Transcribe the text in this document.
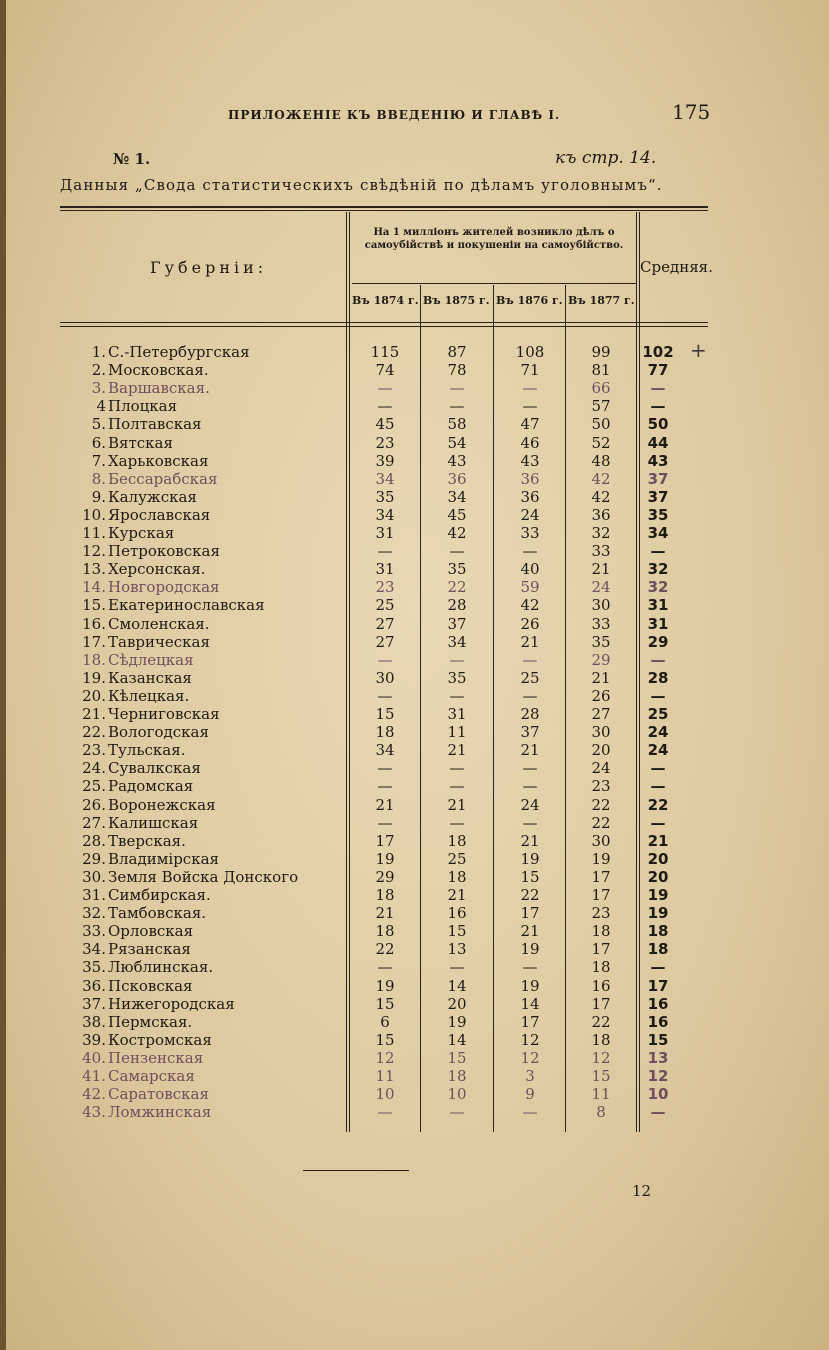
ПРИЛОЖЕНІЕ КЪ ВВЕДЕНІЮ И ГЛАВѢ I.	175
№ 1.	къ стр. 14.
Данныя „Свода статистическихъ свѣдѣній по дѣламъ уголовнымъ“.
Губерніи:
На 1 милліонъ жителей возникло дѣлъ о самоубійствѣ и покушеніи на самоубійство.
Средняя.
Въ 1874 г. Въ 1875 г. Въ 1876 г. Въ 1877 г.
1. С.-Петербургская	115	87	108	99	102
2. Московская.	74	78	71	81	77
3. Варшавская.	—	—	—	66	—
4 Плоцкая	—	—	—	57	—
5. Полтавская	45	58	47	50	50
6. Вятская	23	54	46	52	44
7. Харьковская	39	43	43	48	43
8. Бессарабская	34	36	36	42	37
9. Калужская	35	34	36	42	37
10. Ярославская	34	45	24	36	35
11. Курская	31	42	33	32	34
12. Петроковская	—	—	—	33	—
13. Херсонская.	31	35	40	21	32
14. Новгородская	23	22	59	24	32
15. Екатеринославская	25	28	42	30	31
16. Смоленская.	27	37	26	33	31
17. Таврическая	27	34	21	35	29
18. Сѣдлецкая	—	—	—	29	—
19. Казанская	30	35	25	21	28
20. Кѣлецкая.	—	—	—	26	—
21. Черниговская	15	31	28	27	25
22. Вологодская	18	11	37	30	24
23. Тульская.	34	21	21	20	24
24. Сувалкская	—	—	—	24	—
25. Радомская	—	—	—	23	—
26. Воронежская	21	21	24	22	22
27. Калишская	—	—	—	22	—
28. Тверская.	17	18	21	30	21
29. Владимірская	19	25	19	19	20
30. Земля Войска Донского	29	18	15	17	20
31. Симбирская.	18	21	22	17	19
32. Тамбовская.	21	16	17	23	19
33. Орловская	18	15	21	18	18
34. Рязанская	22	13	19	17	18
35. Люблинская.	—	—	—	18	—
36. Псковская	19	14	19	16	17
37. Нижегородская	15	20	14	17	16
38. Пермская.	6	19	17	22	16
39. Костромская	15	14	12	18	15
40. Пензенская	12	15	12	12	13
41. Самарская	11	18	3	15	12
42. Саратовская	10	10	9	11	10
43. Ломжинская	—	—	—	8	—
+
12
